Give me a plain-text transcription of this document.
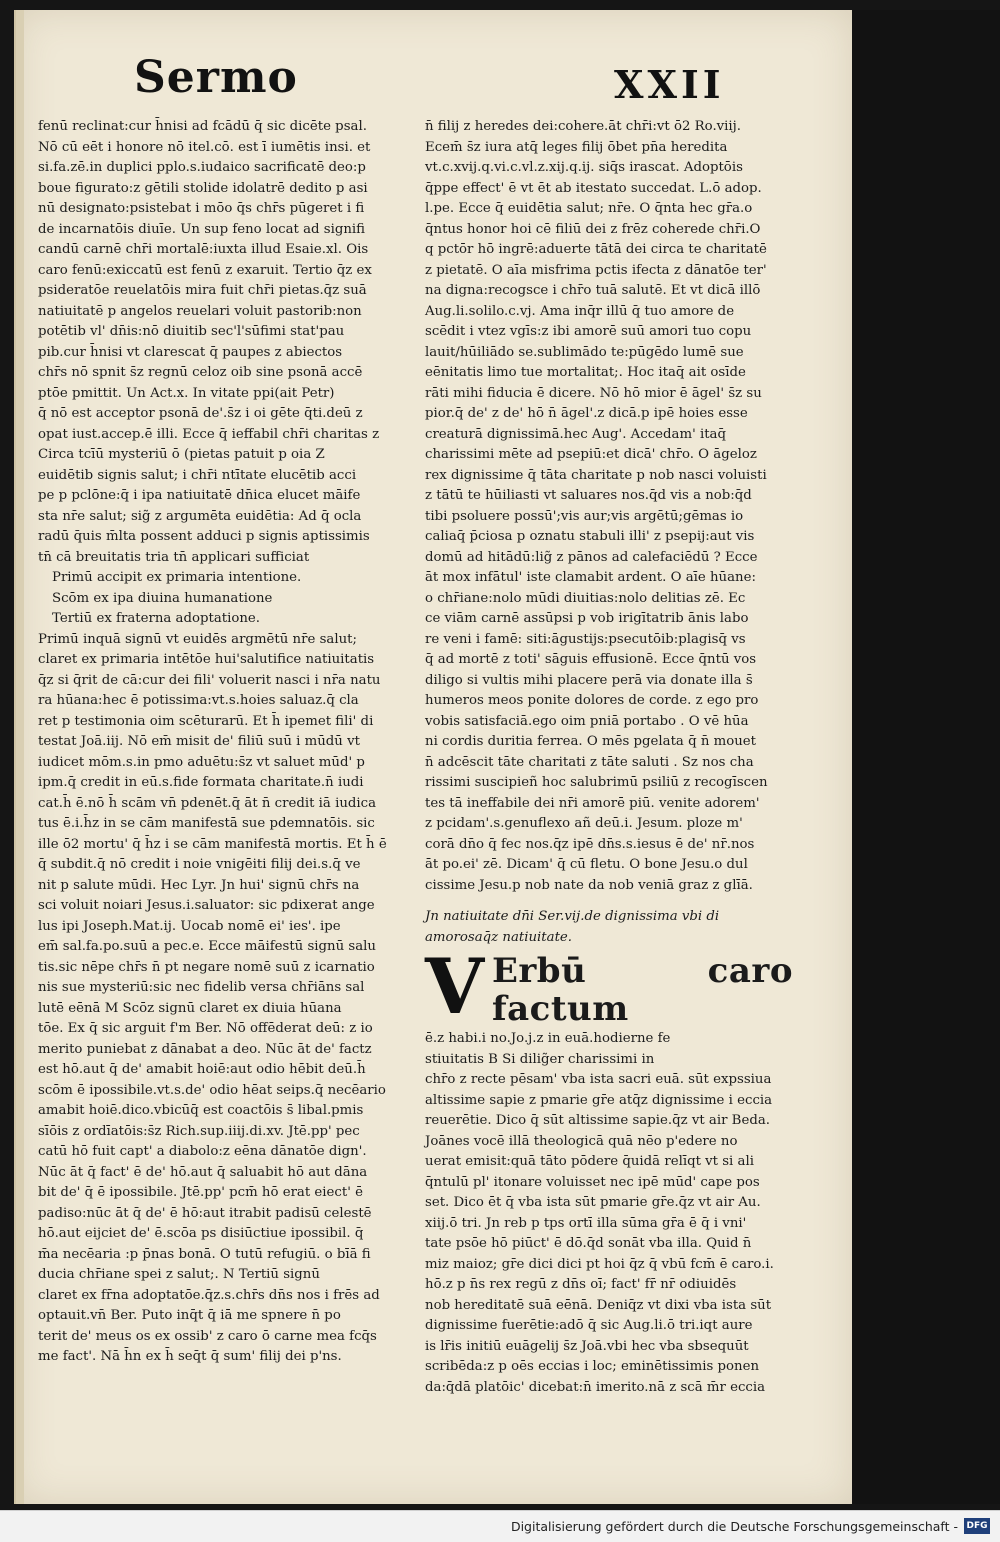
Sermo	XXII

fenū reclinat:cur h̄nisi ad fcādū q̄ sic dicēte psal.

Nō cū eēt i honore nō itel.cō. est ī iumētis insi. et

si.fa.zē.in duplici pplo.s.iudaico sacrificatē deo:p

boue figurato:z gētili stolide idolatrē dedito p asi

nū designato:psistebat i mōo q̄s chr̄s pūgeret i fi

de incarnatōis diuīe. Un sup feno locat ad signifi

candū carnē chr̄i mortalē:iuxta illud Esaie.xl. Ois

caro fenū:exiccatū est fenū z exaruit. Tertio q̄z ex

psideratōe reuelatōis mira fuit chr̄i pietas.q̄z suā

natiuitatē p angelos reuelari voluit pastorib:non

potētib vl' dn̄is:nō diuitib sec'l'sūfimi stat'pau

pib.cur h̄nisi vt clarescat q̄ paupes z abiectos

chr̄s nō spnit s̄z regnū celoz oib sine psonā accē

ptōe pmittit. Un Act.x. In vitate ppi(ait Petr)

q̄ nō est acceptor psonā de'.s̄z i oi gēte q̄ti.deū z

opat iust.accep.ē illi. Ecce q̄ ieffabil chr̄i charitas z

Circa tcīū mysteriū ō (pietas patuit p oia Z

euidētib signis salut; i chr̄i ntītate elucētib acci

pe p pclōne:q̄ i ipa natiuitatē dn̄ica elucet māife

sta nr̄e salut; sig̃ z argumēta euidētia: Ad q̄ ocla

radū q̄uis m̄lta possent adduci p signis aptissimis

tn̄ cā breuitatis tria tn̄ applicari sufficiat

Primū accipit ex primaria intentione.

Scōm ex ipa diuina humanatione

Tertiū ex fraterna adoptatione.

Primū inquā signū vt euidēs argmētū nr̄e salut;

claret ex primaria intētōe hui'salutifice natiuitatis

q̄z si q̄rit de cā:cur dei fili' voluerit nasci i nr̄a natu

ra hūana:hec ē potissima:vt.s.hoies saluaz.q̄ cla

ret p testimonia oim scēturarū. Et h̄ ipemet fili' di

testat Joā.iij. Nō em̄ misit de' filiū suū i mūdū vt

iudicet mōm.s.in pmo aduētu:s̄z vt saluet mūd' p

ipm.q̄ credit in eū.s.fide formata charitate.n̄ iudi

cat.h̄ ē.nō h̄ scām vn̄ pdenēt.q̄ āt n̄ credit iā iudica

tus ē.i.h̄z in se cām manifestā sue pdemnatōis. sic

ille ō2 mortu' q̄ h̄z i se cām manifestā mortis. Et h̄ ē

q̄ subdit.q̄ nō credit i noie vnigēiti filij dei.s.q̄ ve

nit p salute mūdi. Hec Lyr. Jn hui' signū chr̄s na

sci voluit noiari Jesus.i.saluator: sic pdixerat ange

lus ipi Joseph.Mat.ij. Uocab nomē ei' ies'. ipe

em̄ sal.fa.po.suū a pec.e. Ecce māifestū signū salu

tis.sic nēpe chr̄s n̄ pt negare nomē suū z icarnatio

nis sue mysteriū:sic nec fidelib versa chr̄iāns sal

lutē eēnā M Scōz signū claret ex diuia hūana

tōe. Ex q̄ sic arguit f'm Ber. Nō offēderat deū: z io

merito puniebat z dānabat a deo. Nūc āt de' factz

est hō.aut q̄ de' amabit hoiē:aut odio hēbit deū.h̄

scōm ē ipossibile.vt.s.de' odio hēat seips.q̄ necēario

amabit hoiē.dico.vbicūq̄ est coactōis s̄ libal.pmis

sīōis z ordīatōis:s̄z Rich.sup.iiij.di.xv. Jtē.pp' pec

catū hō fuit capt' a diabolo:z eēna dānatōe dign'.

Nūc āt q̄ fact' ē de' hō.aut q̄ saluabit hō aut dāna

bit de' q̄ ē ipossibile. Jtē.pp' pcm̄ hō erat eiect' ē

padiso:nūc āt q̄ de' ē hō:aut itrabit padisū celestē

hō.aut eijciet de' ē.scōa ps disiūctiue ipossibil. q̄

m̄a necēaria :p p̄nas bonā. O tutū refugiū. o bīā fi

ducia chr̄iane spei z salut;. N Tertiū signū

claret ex fr̄na adoptatōe.q̄z.s.chr̄s dn̄s nos i frēs ad

optauit.vn̄ Ber. Puto inq̄t q̄ iā me spnere n̄ po

terit de' meus os ex ossib' z caro ō carne mea fcq̄s

me fact'. Nā h̄n ex h̄ seq̄t q̄ sum' filij dei p'ns.

n̄ filij z heredes dei:cohere.āt chr̄i:vt ō2 Ro.viij.

Ecem̄ s̄z iura atq̄ leges filij ōbet pn̄a heredita

vt.c.xvij.q.vi.c.vl.z.xij.q.ij. siq̄s irascat. Adoptōis

q̄ppe effect' ē vt ēt ab itestato succedat. L.ō adop.

l.pe. Ecce q̄ euidētia salut; nr̄e. O q̄nta hec gr̄a.o

q̄ntus honor hoi cē filiū dei z frēz coherede chr̄i.O

q pctōr hō ingrē:aduerte tātā dei circa te charitatē

z pietatē. O aīa misfrima pctis ifecta z dānatōe ter'

na digna:recogsce i chr̄o tuā salutē. Et vt dicā illō

Aug.li.solilo.c.vj. Ama inq̄r illū q̄ tuo amore de

scēdit i vtez vgīs:z ibi amorē suū amori tuo copu

lauit/hūiliādo se.sublimādo te:pūgēdo lumē sue

eēnitatis limo tue mortalitat;. Hoc itaq̄ ait osīde

rāti mihi fiducia ē dicere. Nō hō mior ē āgel' s̄z su

pior.q̄ de' z de' hō n̄ āgel'.z dicā.p ipē hoies esse

creaturā dignissimā.hec Aug'. Accedam' itaq̄

charissimi mēte ad psepiū:et dicā' chr̄o. O āgeloz

rex dignissime q̄ tāta charitate p nob nasci voluisti

z tātū te hūiliasti vt saluares nos.q̄d vis a nob:q̄d

tibi psoluere possū';vis aur;vis argētū;gēmas io

caliaq̄ p̄ciosa p oznatu stabuli illi' z psepij:aut vis

domū ad hitādū:lig̃ z pānos ad calefaciēdū ? Ecce

āt mox infātul' iste clamabit ardent. O aīe hūane:

o chr̄iane:nolo mūdi diuitias:nolo delitias zē. Ec

ce viām carnē assūpsi p vob irigītatrib ānis labo

re veni i famē: siti:āgustijs:psecutōib:plagisq̄ vs

q̄ ad mortē z toti' sāguis effusionē. Ecce q̄ntū vos

diligo si vultis mihi placere perā via donate illa s̄

humeros meos ponite dolores de corde. z ego pro

vobis satisfaciā.ego oim pniā portabo . O vē hūa

ni cordis duritia ferrea. O mēs pgelata q̄ n̄ mouet

n̄ adcēscit tāte charitati z tāte saluti . Sz nos cha

rissimi suscipieñ hoc salubrimū psiliū z recogīscen

tes tā ineffabile dei nr̄i amorē piū. venite adorem'

z pcidam'.s.genuflexo añ deū.i. Jesum. ploze m'

corā dn̄o q̄ fec nos.q̄z ipē dn̄s.s.iesus ē de' nr̄.nos

āt po.ei' zē. Dicam' q̄ cū fletu. O bone Jesu.o dul

cissime Jesu.p nob nate da nob veniā graz z glīā.

Jn natiuitate dn̄i Ser.vij.de dignissima vbi di

amorosaq̄z natiuitate.

V Erbū caro factum

ē.z habi.i no.Jo.j.z in euā.hodierne fe

stiuitatis B Si dilig̃er charissimi in

chr̄o z recte pēsam' vba ista sacri euā. sūt expssiua

altissime sapie z pmarie gr̄e atq̄z dignissime i eccia

reuerētie. Dico q̄ sūt altissime sapie.q̄z vt air Beda.

Joānes vocē illā theologicā quā nēo p'edere no

uerat emisit:quā tāto pōdere q̄uidā relīqt vt si ali

q̄ntulū pl' itonare voluisset nec ipē mūd' cape pos

set. Dico ēt q̄ vba ista sūt pmarie gr̄e.q̄z vt air Au.

xiij.ō tri. Jn reb p tps ortī illa sūma gr̄a ē q̄ i vni'

tate psōe hō piūct' ē dō.q̄d sonāt vba illa. Quid n̄

miz maioz; gr̄e dici dici pt hoi q̄z q̄ vbū fcm̄ ē caro.i.

hō.z p n̄s rex regū z dn̄s oī; fact' fr̄ nr̄ odiuidēs

nob hereditatē suā eēnā. Deniq̄z vt dixi vba ista sūt

dignissime fuerētie:adō q̄ sic Aug.li.ō tri.iqt aure

is lr̄is initiū euāgelij s̄z Joā.vbi hec vba sbsequūt

scribēda:z p oēs eccias i loc; eminētissimis ponen

da:q̄dā platōic' dicebat:n̄ imerito.nā z scā m̄r eccia

Digitalisierung gefördert durch die Deutsche Forschungsgemeinschaft - DFG
